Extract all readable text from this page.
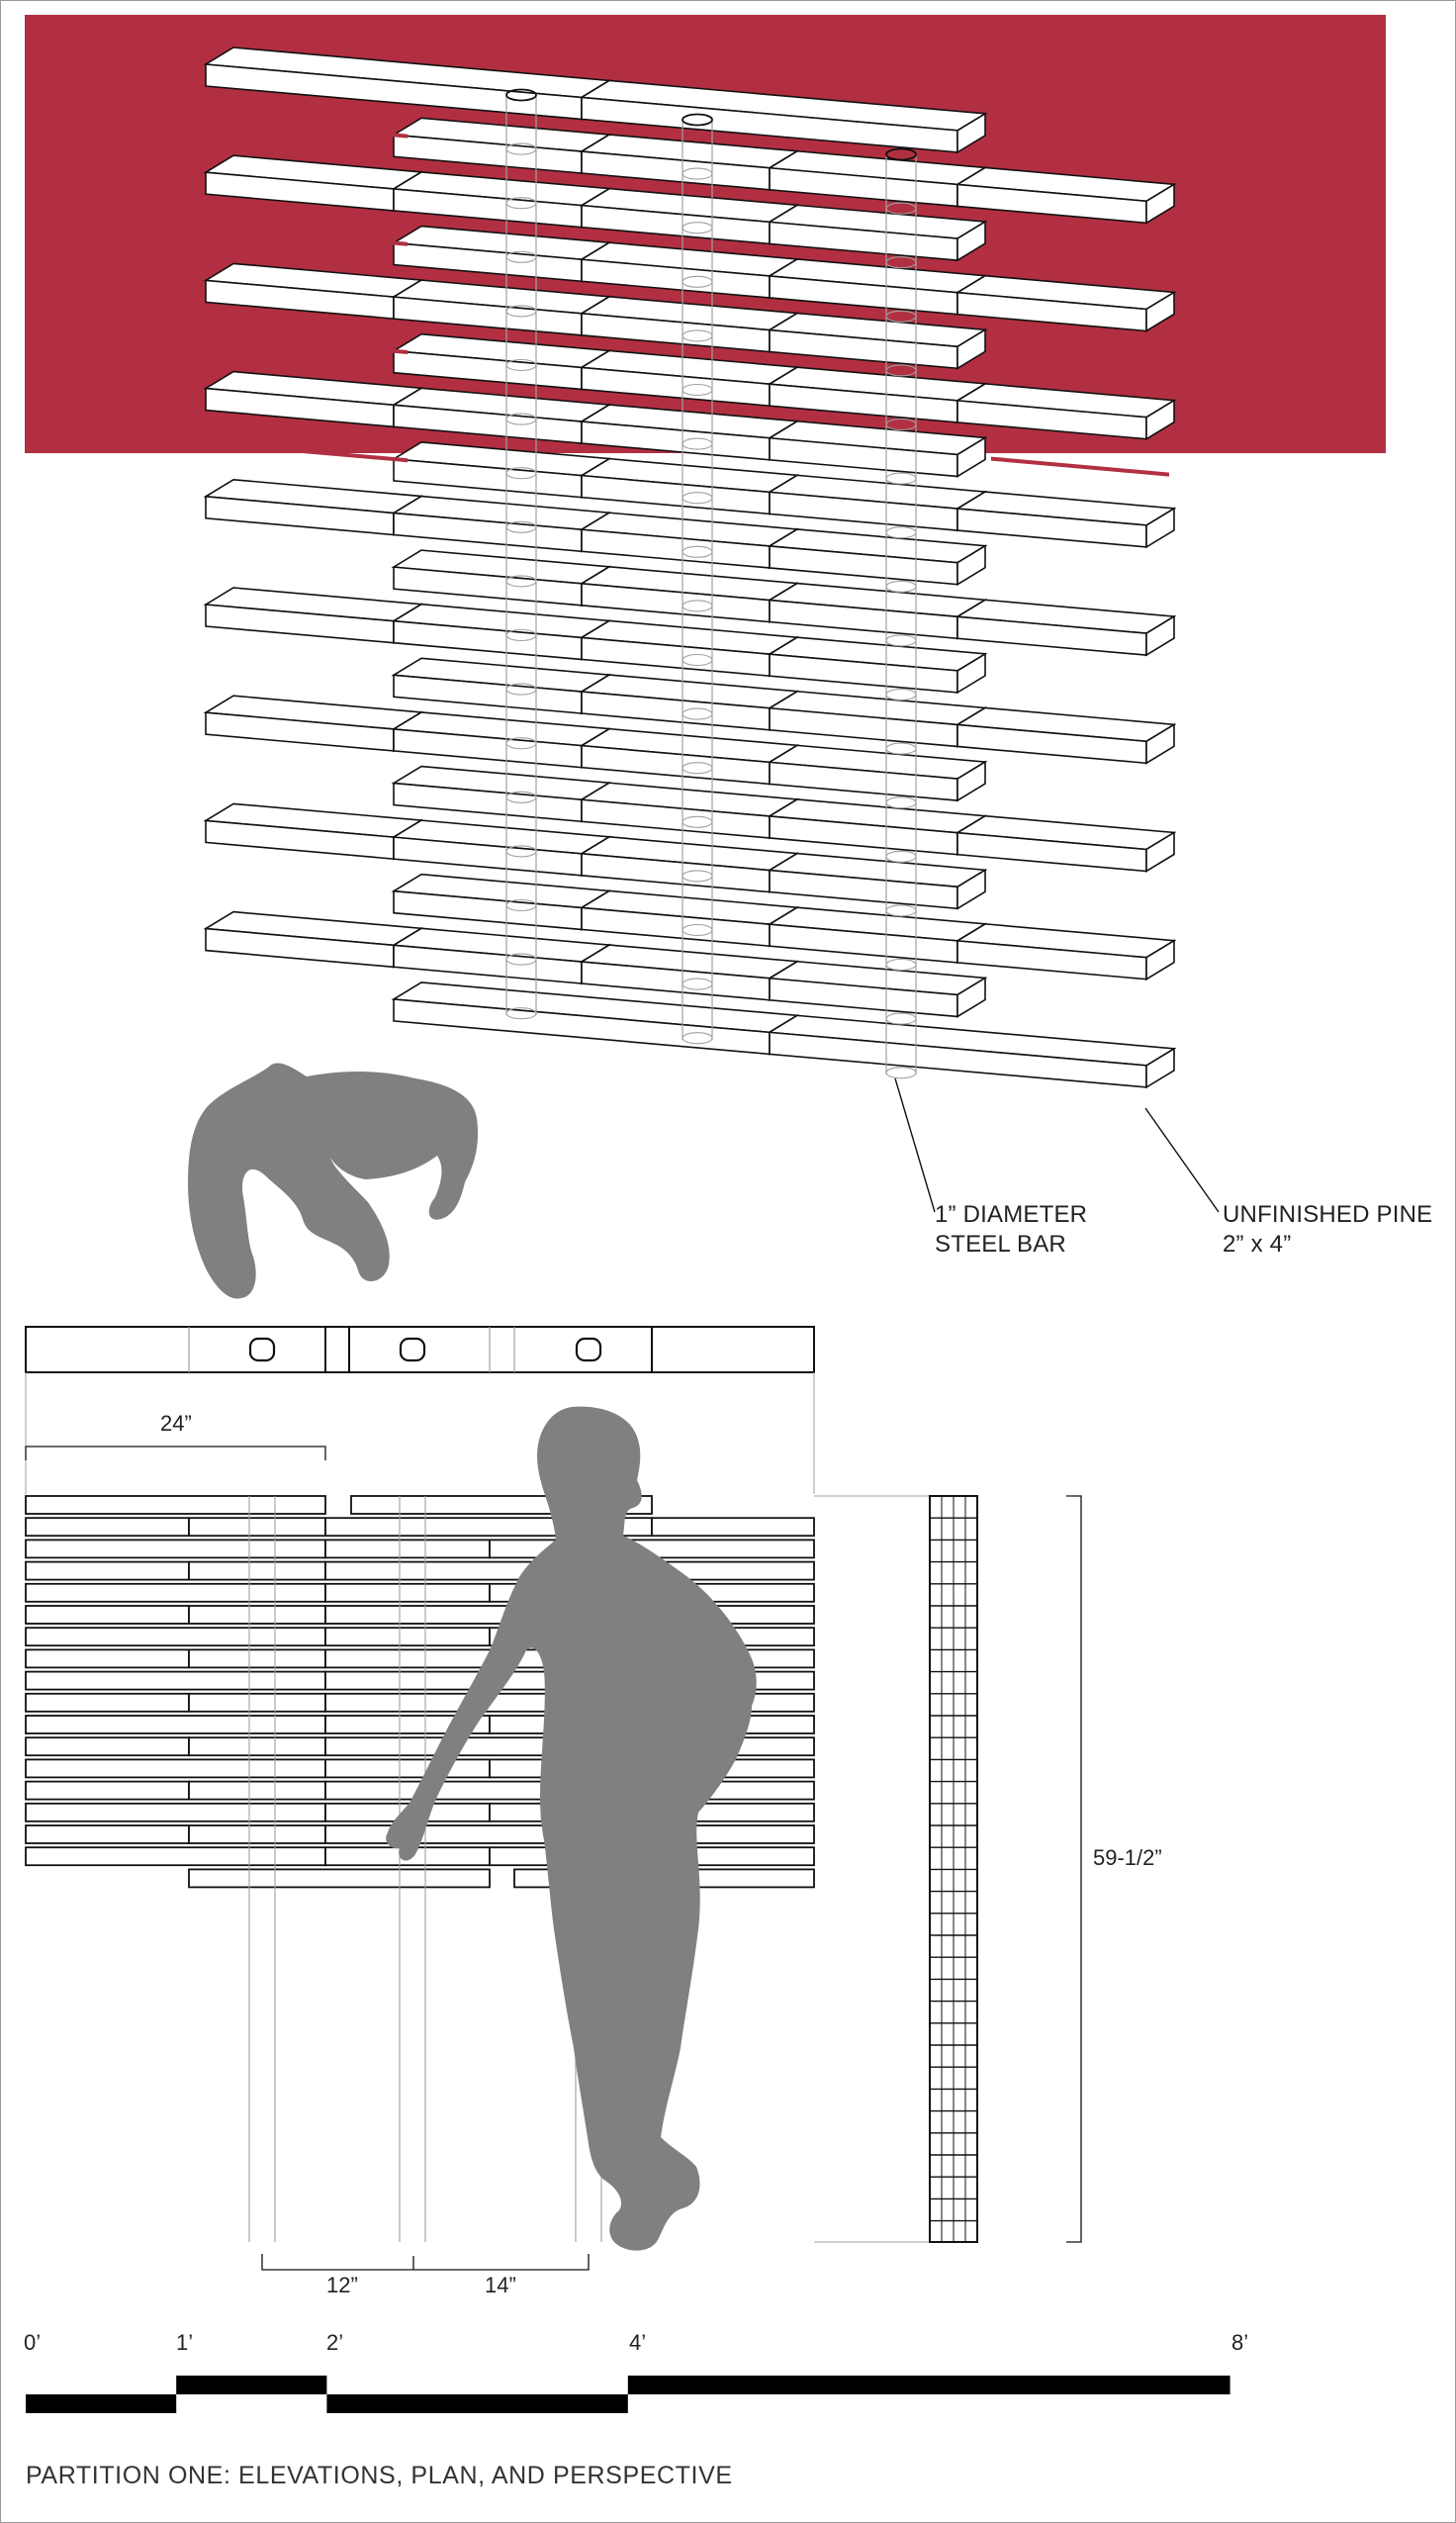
1” DIAMETER
STEEL BAR
UNFINISHED PINE
2” x 4”
24”
59-1/2”
12”	14”
0’	1’	2’	4’	8’
PARTITION ONE: ELEVATIONS, PLAN, AND PERSPECTIVE
